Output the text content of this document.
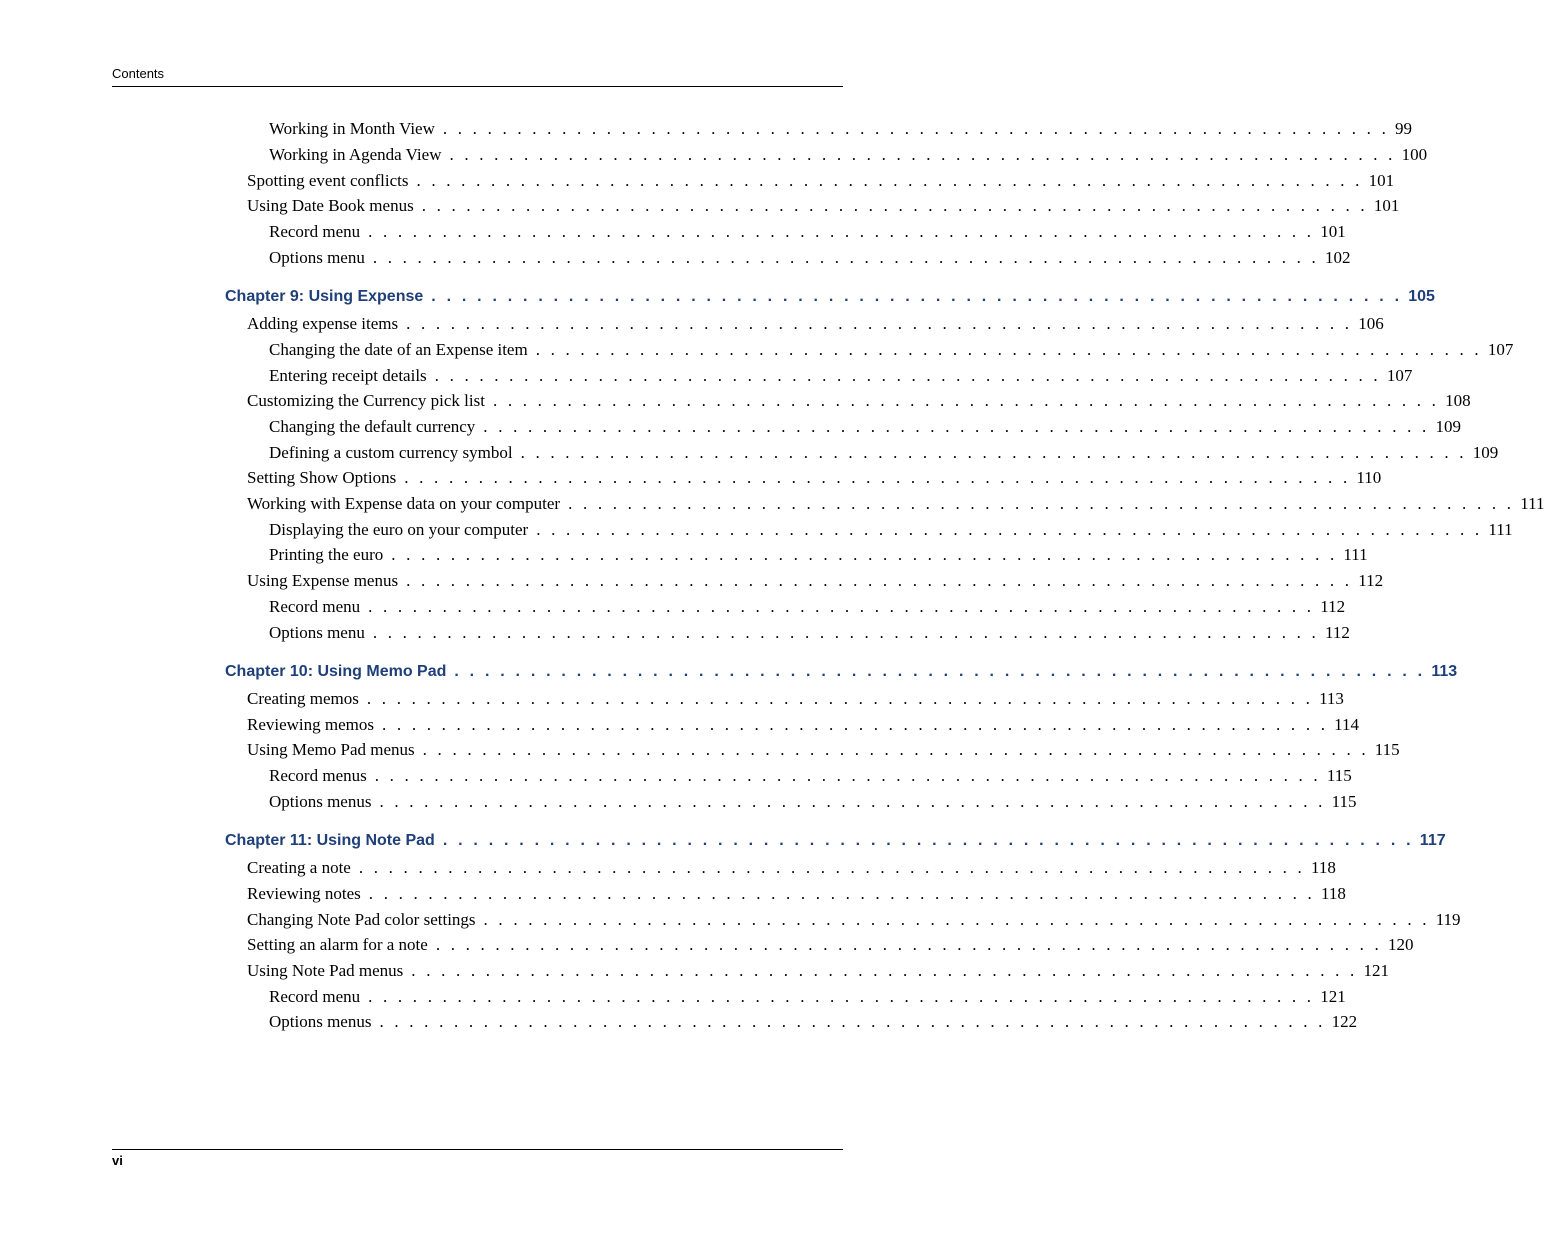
Contents
Working in Month View . . . . . . . . . . . . . . . . . . . . . . . . . . . . . . . . . . . . . . . . . . . . . . . . . . . . . . . . . . . . . . . . 99
Working in Agenda View . . . . . . . . . . . . . . . . . . . . . . . . . . . . . . . . . . . . . . . . . . . . . . . . . . . . . . . . . . . . . . . . 100
Spotting event conflicts . . . . . . . . . . . . . . . . . . . . . . . . . . . . . . . . . . . . . . . . . . . . . . . . . . . . . . . . . . . . . . . . 101
Using Date Book menus . . . . . . . . . . . . . . . . . . . . . . . . . . . . . . . . . . . . . . . . . . . . . . . . . . . . . . . . . . . . . . . . 101
Record menu . . . . . . . . . . . . . . . . . . . . . . . . . . . . . . . . . . . . . . . . . . . . . . . . . . . . . . . . . . . . . . . . 101
Options menu . . . . . . . . . . . . . . . . . . . . . . . . . . . . . . . . . . . . . . . . . . . . . . . . . . . . . . . . . . . . . . . . 102
Chapter 9: Using Expense . . . . . . . . . . . . . . . . . . . . . . . . . . . . . . . . . . . . . . . . . . . . . . . . . . . . . . . . . . . . . . . . 105
Adding expense items . . . . . . . . . . . . . . . . . . . . . . . . . . . . . . . . . . . . . . . . . . . . . . . . . . . . . . . . . . . . . . . . 106
Changing the date of an Expense item . . . . . . . . . . . . . . . . . . . . . . . . . . . . . . . . . . . . . . . . . . . . . . . . . . . . . . . . . . . . . . . . 107
Entering receipt details . . . . . . . . . . . . . . . . . . . . . . . . . . . . . . . . . . . . . . . . . . . . . . . . . . . . . . . . . . . . . . . . 107
Customizing the Currency pick list . . . . . . . . . . . . . . . . . . . . . . . . . . . . . . . . . . . . . . . . . . . . . . . . . . . . . . . . . . . . . . . . 108
Changing the default currency . . . . . . . . . . . . . . . . . . . . . . . . . . . . . . . . . . . . . . . . . . . . . . . . . . . . . . . . . . . . . . . . 109
Defining a custom currency symbol . . . . . . . . . . . . . . . . . . . . . . . . . . . . . . . . . . . . . . . . . . . . . . . . . . . . . . . . . . . . . . . . 109
Setting Show Options . . . . . . . . . . . . . . . . . . . . . . . . . . . . . . . . . . . . . . . . . . . . . . . . . . . . . . . . . . . . . . . . 110
Working with Expense data on your computer . . . . . . . . . . . . . . . . . . . . . . . . . . . . . . . . . . . . . . . . . . . . . . . . . . . . . . . . . . . . . . . . 111
Displaying the euro on your computer . . . . . . . . . . . . . . . . . . . . . . . . . . . . . . . . . . . . . . . . . . . . . . . . . . . . . . . . . . . . . . . . 111
Printing the euro . . . . . . . . . . . . . . . . . . . . . . . . . . . . . . . . . . . . . . . . . . . . . . . . . . . . . . . . . . . . . . . . 111
Using Expense menus . . . . . . . . . . . . . . . . . . . . . . . . . . . . . . . . . . . . . . . . . . . . . . . . . . . . . . . . . . . . . . . . 112
Record menu . . . . . . . . . . . . . . . . . . . . . . . . . . . . . . . . . . . . . . . . . . . . . . . . . . . . . . . . . . . . . . . . 112
Options menu . . . . . . . . . . . . . . . . . . . . . . . . . . . . . . . . . . . . . . . . . . . . . . . . . . . . . . . . . . . . . . . . 112
Chapter 10: Using Memo Pad . . . . . . . . . . . . . . . . . . . . . . . . . . . . . . . . . . . . . . . . . . . . . . . . . . . . . . . . . . . . . . . . 113
Creating memos . . . . . . . . . . . . . . . . . . . . . . . . . . . . . . . . . . . . . . . . . . . . . . . . . . . . . . . . . . . . . . . . 113
Reviewing memos . . . . . . . . . . . . . . . . . . . . . . . . . . . . . . . . . . . . . . . . . . . . . . . . . . . . . . . . . . . . . . . . 114
Using Memo Pad menus . . . . . . . . . . . . . . . . . . . . . . . . . . . . . . . . . . . . . . . . . . . . . . . . . . . . . . . . . . . . . . . . 115
Record menus . . . . . . . . . . . . . . . . . . . . . . . . . . . . . . . . . . . . . . . . . . . . . . . . . . . . . . . . . . . . . . . . 115
Options menus . . . . . . . . . . . . . . . . . . . . . . . . . . . . . . . . . . . . . . . . . . . . . . . . . . . . . . . . . . . . . . . . 115
Chapter 11: Using Note Pad . . . . . . . . . . . . . . . . . . . . . . . . . . . . . . . . . . . . . . . . . . . . . . . . . . . . . . . . . . . . . . . . 117
Creating a note . . . . . . . . . . . . . . . . . . . . . . . . . . . . . . . . . . . . . . . . . . . . . . . . . . . . . . . . . . . . . . . . 118
Reviewing notes . . . . . . . . . . . . . . . . . . . . . . . . . . . . . . . . . . . . . . . . . . . . . . . . . . . . . . . . . . . . . . . . 118
Changing Note Pad color settings . . . . . . . . . . . . . . . . . . . . . . . . . . . . . . . . . . . . . . . . . . . . . . . . . . . . . . . . . . . . . . . . 119
Setting an alarm for a note . . . . . . . . . . . . . . . . . . . . . . . . . . . . . . . . . . . . . . . . . . . . . . . . . . . . . . . . . . . . . . . . 120
Using Note Pad menus . . . . . . . . . . . . . . . . . . . . . . . . . . . . . . . . . . . . . . . . . . . . . . . . . . . . . . . . . . . . . . . . 121
Record menu . . . . . . . . . . . . . . . . . . . . . . . . . . . . . . . . . . . . . . . . . . . . . . . . . . . . . . . . . . . . . . . . 121
Options menus . . . . . . . . . . . . . . . . . . . . . . . . . . . . . . . . . . . . . . . . . . . . . . . . . . . . . . . . . . . . . . . . 122
vi
